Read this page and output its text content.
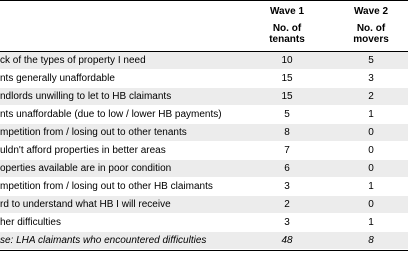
Wave 1
No. of
tenants
Wave 2
No. of
movers
ck of the types of property I need	10	5
nts generally unaffordable	15	3
ndlords unwilling to let to HB claimants	15	2
nts unaffordable (due to low / lower HB payments)	5	1
mpetition from / losing out to other tenants	8	0
uldn't afford properties in better areas	7	0
operties available are in poor condition	6	0
mpetition from / losing out to other HB claimants	3	1
rd to understand what HB I will receive	2	0
her difficulties	3	1
se: LHA claimants who encountered difficulties	48	8
